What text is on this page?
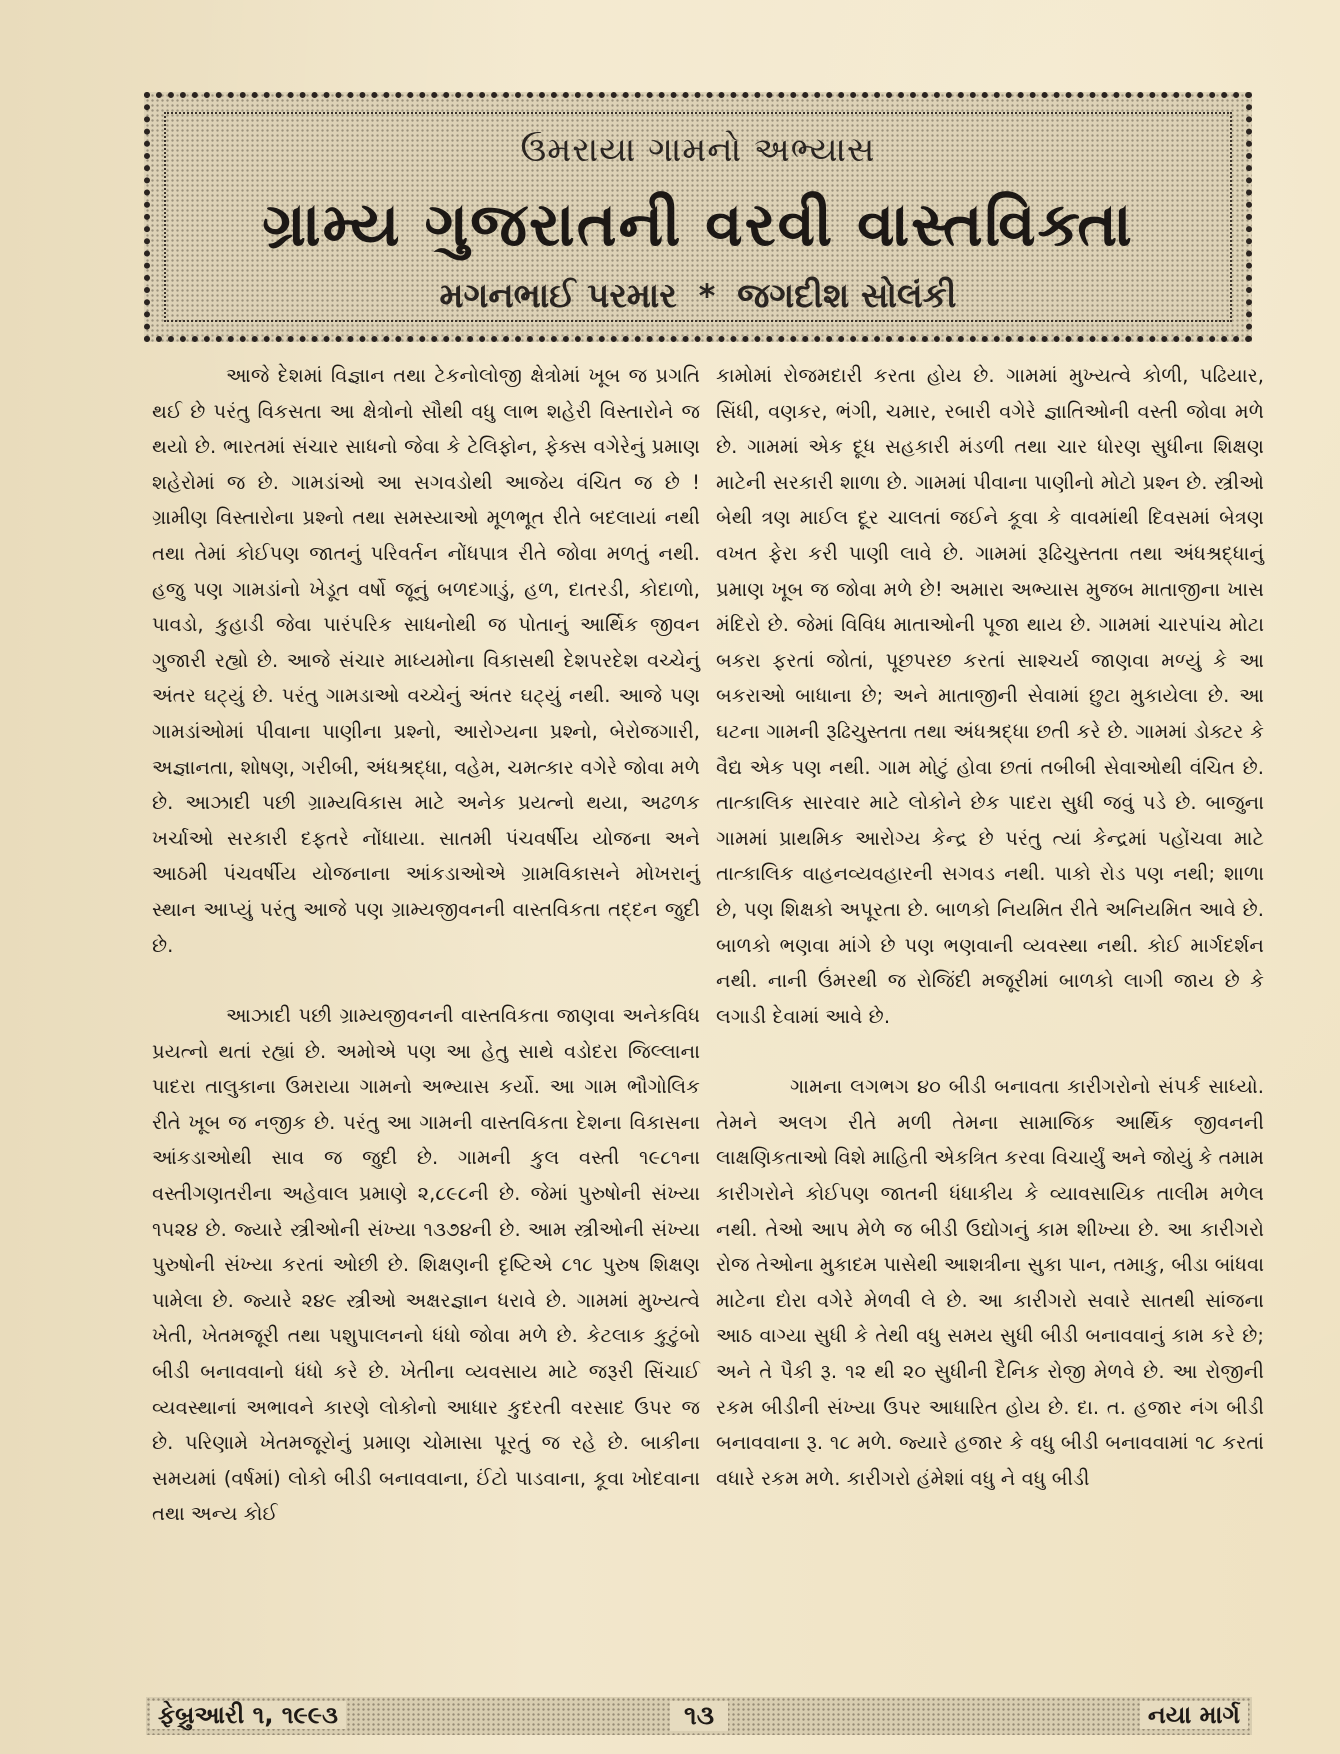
ઉમરાયા ગામનો અભ્યાસ
ગ્રામ્ય ગુજરાતની વરવી વાસ્તવિક્તા
મગનભાઈ પરમાર * જગદીશ સોલંકી

આજે દેશમાં વિજ્ઞાન તથા ટેકનોલોજી ક્ષેત્રોમાં ખૂબ જ પ્રગતિ થઈ છે પરંતુ વિકસતા આ ક્ષેત્રોનો સૌથી વધુ લાભ શહેરી વિસ્તારોને જ થયો છે. ભારતમાં સંચાર સાધનો જેવા કે ટેલિફોન, ફેક્સ વગેરેનું પ્રમાણ શહેરોમાં જ છે. ગામડાંઓ આ સગવડોથી આજેય વંચિત જ છે ! ગ્રામીણ વિસ્તારોના પ્રશ્નો તથા સમસ્યાઓ મૂળભૂત રીતે બદલાયાં નથી તથા તેમાં કોઈપણ જાતનું પરિવર્તન નોંધપાત્ર રીતે જોવા મળતું નથી. હજુ પણ ગામડાંનો ખેડૂત વર્ષો જૂનું બળદગાડું, હળ, દાતરડી, કોદાળો, પાવડો, કુહાડી જેવા પારંપરિક સાધનોથી જ પોતાનું આર્થિક જીવન ગુજારી રહ્યો છે. આજે સંચાર માધ્યમોના વિકાસથી દેશપરદેશ વચ્ચેનું અંતર ઘટ્યું છે. પરંતુ ગામડાઓ વચ્ચેનું અંતર ઘટ્યું નથી. આજે પણ ગામડાંઓમાં પીવાના પાણીના પ્રશ્નો, આરોગ્યના પ્રશ્નો, બેરોજગારી, અજ્ઞાનતા, શોષણ, ગરીબી, અંધશ્રદ્ધા, વહેમ, ચમત્કાર વગેરે જોવા મળે છે. આઝાદી પછી ગ્રામ્યવિકાસ માટે અનેક પ્રયત્નો થયા, અઢળક ખર્ચાઓ સરકારી દફતરે નોંધાયા. સાતમી પંચવર્ષીય યોજના અને આઠમી પંચવર્ષીય યોજનાના આંકડાઓએ ગ્રામવિકાસને મોખરાનું સ્થાન આપ્યું પરંતુ આજે પણ ગ્રામ્યજીવનની વાસ્તવિકતા તદ્દન જુદી છે.

આઝાદી પછી ગ્રામ્યજીવનની વાસ્તવિકતા જાણવા અનેકવિધ પ્રયત્નો થતાં રહ્યાં છે. અમોએ પણ આ હેતુ સાથે વડોદરા જિલ્લાના પાદરા તાલુકાના ઉમરાયા ગામનો અભ્યાસ કર્યો. આ ગામ ભૌગોલિક રીતે ખૂબ જ નજીક છે. પરંતુ આ ગામની વાસ્તવિકતા દેશના વિકાસના આંકડાઓથી સાવ જ જુદી છે. ગામની કુલ વસ્તી ૧૯૮૧ના વસ્તીગણતરીના અહેવાલ પ્રમાણે ૨,૮૯૮ની છે. જેમાં પુરુષોની સંખ્યા ૧૫૨૪ છે. જ્યારે સ્ત્રીઓની સંખ્યા ૧૩૭૪ની છે. આમ સ્ત્રીઓની સંખ્યા પુરુષોની સંખ્યા કરતાં ઓછી છે. શિક્ષણની દૃષ્ટિએ ૮૧૮ પુરુષ શિક્ષણ પામેલા છે. જ્યારે ૨૪૯ સ્ત્રીઓ અક્ષરજ્ઞાન ધરાવે છે. ગામમાં મુખ્યત્વે ખેતી, ખેતમજૂરી તથા પશુપાલનનો ધંધો જોવા મળે છે. કેટલાક કુટુંબો બીડી બનાવવાનો ધંધો કરે છે. ખેતીના વ્યવસાય માટે જરૂરી સિંચાઈ વ્યવસ્થાનાં અભાવને કારણે લોકોનો આધાર કુદરતી વરસાદ ઉપર જ છે. પરિણામે ખેતમજૂરોનું પ્રમાણ ચોમાસા પૂરતું જ રહે છે. બાકીના સમયમાં (વર્ષમાં) લોકો બીડી બનાવવાના, ઈંટો પાડવાના, કૂવા ખોદવાના તથા અન્ય કોઈ

કામોમાં રોજમદારી કરતા હોય છે. ગામમાં મુખ્યત્વે કોળી, પઢિયાર, સિંધી, વણકર, ભંગી, ચમાર, રબારી વગેરે જ્ઞાતિઓની વસ્તી જોવા મળે છે. ગામમાં એક દૂધ સહકારી મંડળી તથા ચાર ધોરણ સુધીના શિક્ષણ માટેની સરકારી શાળા છે. ગામમાં પીવાના પાણીનો મોટો પ્રશ્ન છે. સ્ત્રીઓ બેથી ત્રણ માઈલ દૂર ચાલતાં જઈને કૂવા કે વાવમાંથી દિવસમાં બેત્રણ વખત ફેરા કરી પાણી લાવે છે. ગામમાં રૂઢિચુસ્તતા તથા અંધશ્રદ્ધાનું પ્રમાણ ખૂબ જ જોવા મળે છે! અમારા અભ્યાસ મુજબ માતાજીના ખાસ મંદિરો છે. જેમાં વિવિધ માતાઓની પૂજા થાય છે. ગામમાં ચારપાંચ મોટા બકરા ફરતાં જોતાં, પૂછપરછ કરતાં સાશ્ચર્ય જાણવા મળ્યું કે આ બકરાઓ બાધાના છે; અને માતાજીની સેવામાં છુટા મુકાયેલા છે. આ ઘટના ગામની રૂઢિચુસ્તતા તથા અંધશ્રદ્ધા છતી કરે છે. ગામમાં ડોક્ટર કે વૈદ્ય એક પણ નથી. ગામ મોટું હોવા છતાં તબીબી સેવાઓથી વંચિત છે. તાત્કાલિક સારવાર માટે લોકોને છેક પાદરા સુધી જવું પડે છે. બાજુના ગામમાં પ્રાથમિક આરોગ્ય કેન્દ્ર છે પરંતુ ત્યાં કેન્દ્રમાં પહોંચવા માટે તાત્કાલિક વાહનવ્યવહારની સગવડ નથી. પાકો રોડ પણ નથી; શાળા છે, પણ શિક્ષકો અપૂરતા છે. બાળકો નિયમિત રીતે અનિયમિત આવે છે. બાળકો ભણવા માંગે છે પણ ભણવાની વ્યવસ્થા નથી. કોઈ માર્ગદર્શન નથી. નાની ઉંમરથી જ રોજિંદી મજૂરીમાં બાળકો લાગી જાય છે કે લગાડી દેવામાં આવે છે.

ગામના લગભગ ૪૦ બીડી બનાવતા કારીગરોનો સંપર્ક સાધ્યો. તેમને અલગ રીતે મળી તેમના સામાજિક આર્થિક જીવનની લાક્ષણિકતાઓ વિશે માહિતી એકત્રિત કરવા વિચાર્યું અને જોયું કે તમામ કારીગરોને કોઈપણ જાતની ધંધાકીય કે વ્યાવસાયિક તાલીમ મળેલ નથી. તેઓ આપ મેળે જ બીડી ઉદ્યોગનું કામ શીખ્યા છે. આ કારીગરો રોજ તેઓના મુકાદમ પાસેથી આશત્રીના સુકા પાન, તમાકુ, બીડા બાંધવા માટેના દોરા વગેરે મેળવી લે છે. આ કારીગરો સવારે સાતથી સાંજના આઠ વાગ્યા સુધી કે તેથી વધુ સમય સુધી બીડી બનાવવાનું કામ કરે છે; અને તે પૈકી રૂ. ૧૨ થી ૨૦ સુધીની દૈનિક રોજી મેળવે છે. આ રોજીની રકમ બીડીની સંખ્યા ઉપર આધારિત હોય છે. દા. ત. હજાર નંગ બીડી બનાવવાના રૂ. ૧૮ મળે. જ્યારે હજાર કે વધુ બીડી બનાવવામાં ૧૮ કરતાં વધારે રકમ મળે. કારીગરો હંમેશાં વધુ ને વધુ બીડી

ફેબ્રુઆરી ૧, ૧૯૯૩	૧૩	નયા માર્ગ
